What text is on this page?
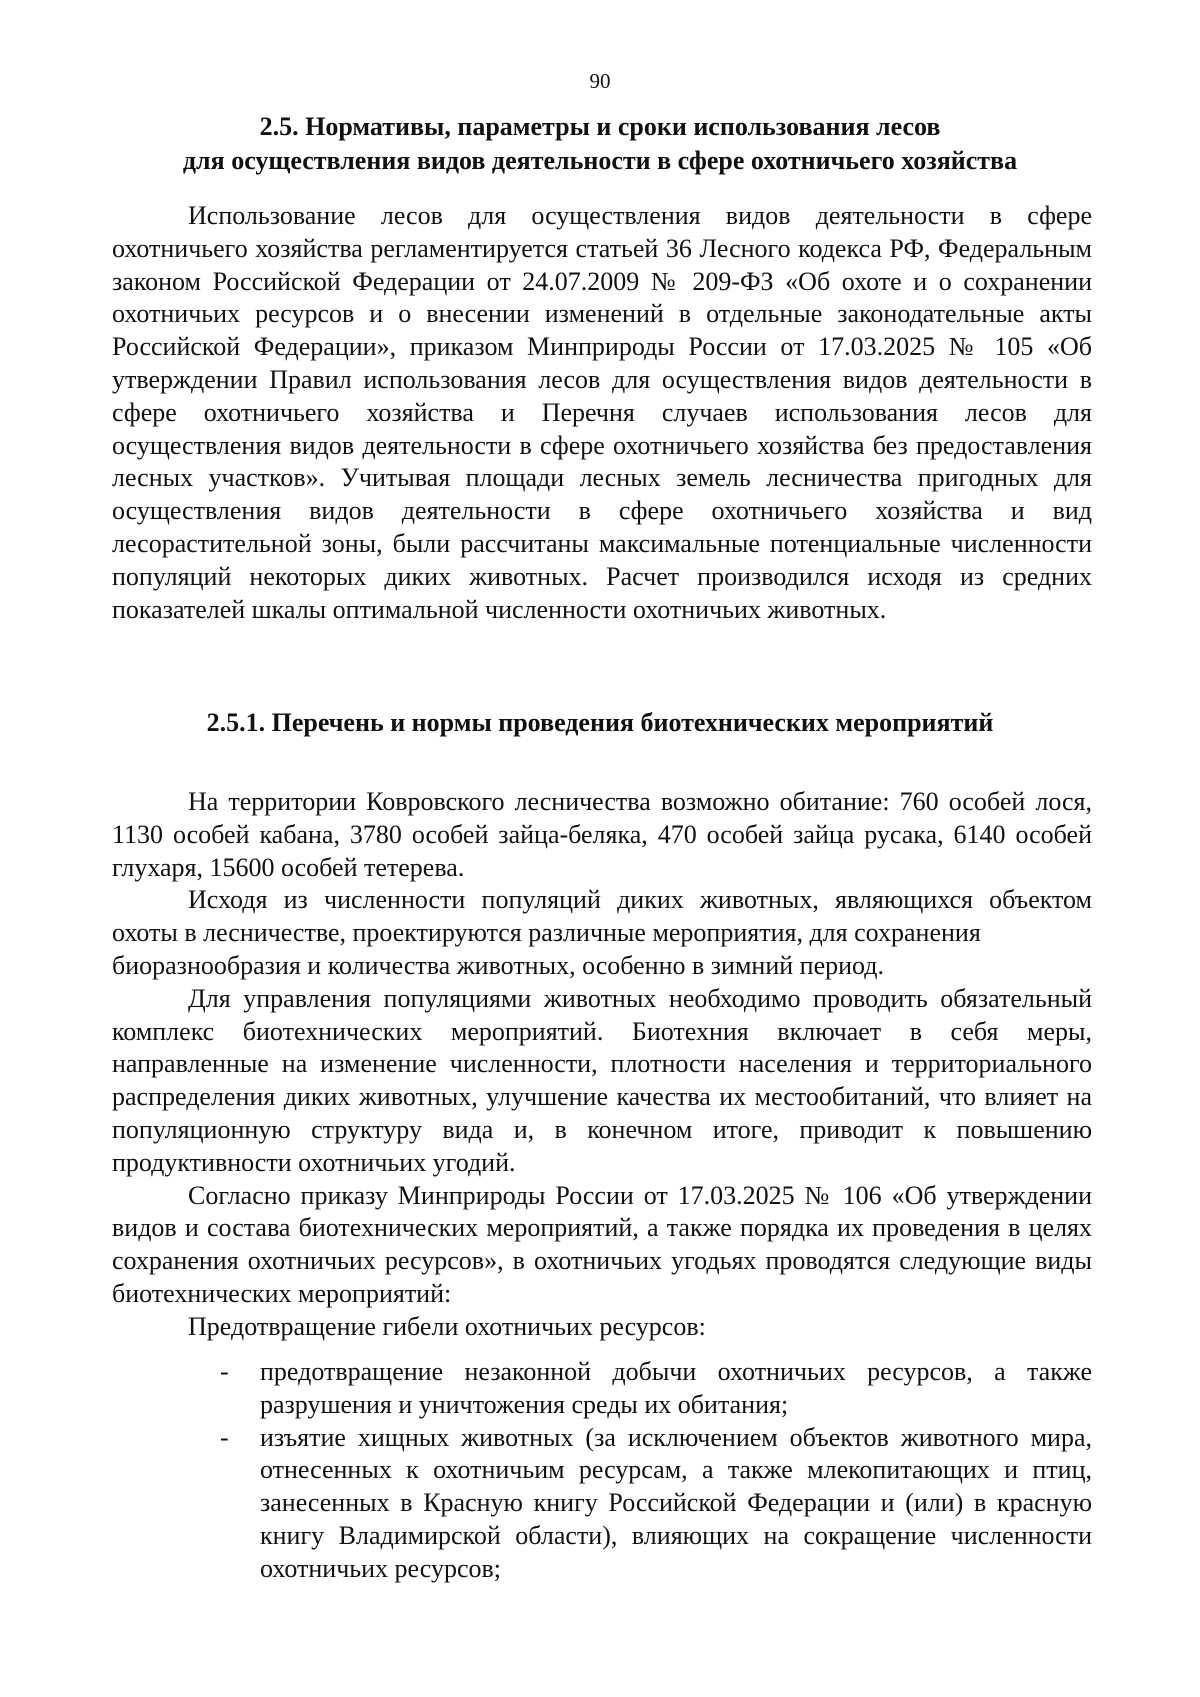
90
2.5. Нормативы, параметры и сроки использования лесов
для осуществления видов деятельности в сфере охотничьего хозяйства

Использование лесов для осуществления видов деятельности в сфере охотничьего хозяйства регламентируется статьей 36 Лесного кодекса РФ, Федеральным законом Российской Федерации от 24.07.2009 № 209-ФЗ «Об охоте и о сохранении охотничьих ресурсов и о внесении изменений в отдельные законодательные акты Российской Федерации», приказом Минприроды России от 17.03.2025 № 105 «Об утверждении Правил использования лесов для осуществления видов деятельности в сфере охотничьего хозяйства и Перечня случаев использования лесов для осуществления видов деятельности в сфере охотничьего хозяйства без предоставления лесных участков». Учитывая площади лесных земель лесничества пригодных для осуществления видов деятельности в сфере охотничьего хозяйства и вид лесорастительной зоны, были рассчитаны максимальные потенциальные численности популяций некоторых диких животных. Расчет производился исходя из средних показателей шкалы оптимальной численности охотничьих животных.

2.5.1. Перечень и нормы проведения биотехнических мероприятий

На территории Ковровского лесничества возможно обитание: 760 особей лося, 1130 особей кабана, 3780 особей зайца-беляка, 470 особей зайца русака, 6140 особей глухаря, 15600 особей тетерева.

Исходя из численности популяций диких животных, являющихся объектом охоты в лесничестве, проектируются различные мероприятия, для сохранения

биоразнообразия и количества животных, особенно в зимний период.

Для управления популяциями животных необходимо проводить обязательный комплекс биотехнических мероприятий. Биотехния включает в себя меры, направленные на изменение численности, плотности населения и территориального распределения диких животных, улучшение качества их местообитаний, что влияет на популяционную структуру вида и, в конечном итоге, приводит к повышению продуктивности охотничьих угодий.

Согласно приказу Минприроды России от 17.03.2025 № 106 «Об утверждении видов и состава биотехнических мероприятий, а также порядка их проведения в целях сохранения охотничьих ресурсов», в охотничьих угодьях проводятся следующие виды биотехнических мероприятий:

Предотвращение гибели охотничьих ресурсов:

-	предотвращение незаконной добычи охотничьих ресурсов, а также разрушения и уничтожения среды их обитания;
-	изъятие хищных животных (за исключением объектов животного мира, отнесенных к охотничьим ресурсам, а также млекопитающих и птиц, занесенных в Красную книгу Российской Федерации и (или) в красную книгу Владимирской области), влияющих на сокращение численности охотничьих ресурсов;
